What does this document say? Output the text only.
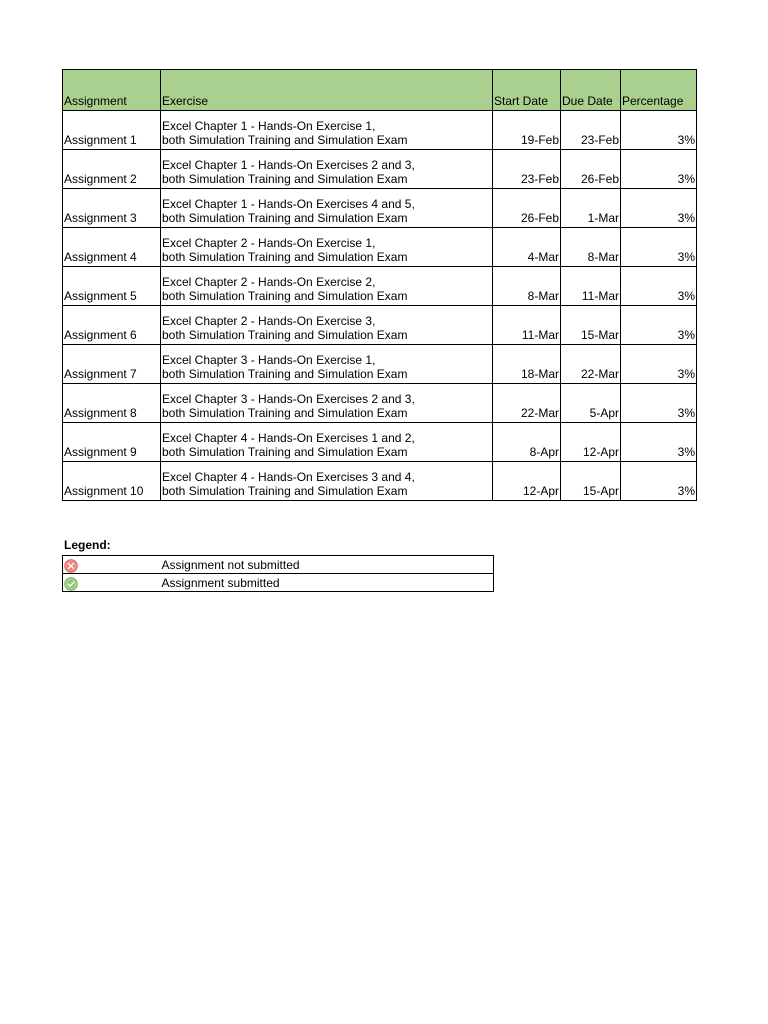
Assignment	Exercise	Start Date	Due Date	Percentage
Assignment 1	Excel Chapter 1 - Hands-On Exercise 1,
both Simulation Training and Simulation Exam	19-Feb	23-Feb	3%
Assignment 2	Excel Chapter 1 - Hands-On Exercises 2 and 3,
both Simulation Training and Simulation Exam	23-Feb	26-Feb	3%
Assignment 3	Excel Chapter 1 - Hands-On Exercises 4 and 5,
both Simulation Training and Simulation Exam	26-Feb	1-Mar	3%
Assignment 4	Excel Chapter 2 - Hands-On Exercise 1,
both Simulation Training and Simulation Exam	4-Mar	8-Mar	3%
Assignment 5	Excel Chapter 2 - Hands-On Exercise 2,
both Simulation Training and Simulation Exam	8-Mar	11-Mar	3%
Assignment 6	Excel Chapter 2 - Hands-On Exercise 3,
both Simulation Training and Simulation Exam	11-Mar	15-Mar	3%
Assignment 7	Excel Chapter 3 - Hands-On Exercise 1,
both Simulation Training and Simulation Exam	18-Mar	22-Mar	3%
Assignment 8	Excel Chapter 3 - Hands-On Exercises 2 and 3,
both Simulation Training and Simulation Exam	22-Mar	5-Apr	3%
Assignment 9	Excel Chapter 4 - Hands-On Exercises 1 and 2,
both Simulation Training and Simulation Exam	8-Apr	12-Apr	3%
Assignment 10	Excel Chapter 4 - Hands-On Exercises 3 and 4,
both Simulation Training and Simulation Exam	12-Apr	15-Apr	3%
Legend:
	Assignment not submitted

	Assignment submitted
